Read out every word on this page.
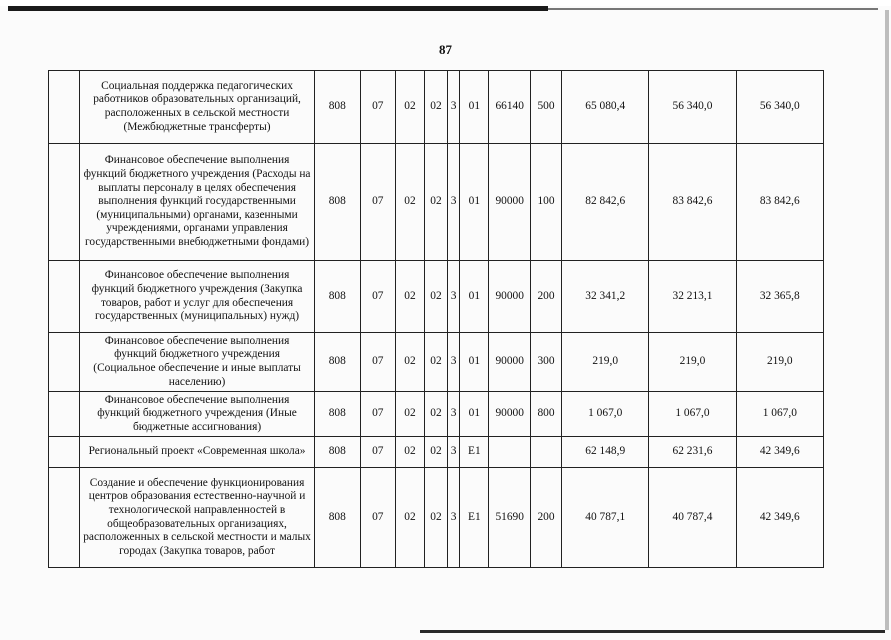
87
	Социальная поддержка педагогических работников образовательных организаций, расположенных в сельской местности (Межбюджетные трансферты)	808	07	02	02	3	01	66140	500	65 080,4	56 340,0	56 340,0
	Финансовое обеспечение выполнения функций бюджетного учреждения (Расходы на выплаты персоналу в целях обеспечения выполнения функций государственными (муниципальными) органами, казенными учреждениями, органами управления государственными внебюджетными фондами)	808	07	02	02	3	01	90000	100	82 842,6	83 842,6	83 842,6
	Финансовое обеспечение выполнения функций бюджетного учреждения (Закупка товаров, работ и услуг для обеспечения государственных (муниципальных) нужд)	808	07	02	02	3	01	90000	200	32 341,2	32 213,1	32 365,8
	Финансовое обеспечение выполнения функций бюджетного учреждения (Социальное обеспечение и иные выплаты населению)	808	07	02	02	3	01	90000	300	219,0	219,0	219,0
	Финансовое обеспечение выполнения функций бюджетного учреждения (Иные бюджетные ассигнования)	808	07	02	02	3	01	90000	800	1 067,0	1 067,0	1 067,0
	Региональный проект «Современная школа»	808	07	02	02	3	E1			62 148,9	62 231,6	42 349,6
	Создание и обеспечение функционирования центров образования естественно-научной и технологической направленностей в общеобразовательных организациях, расположенных в сельской местности и малых городах (Закупка товаров, работ	808	07	02	02	3	E1	51690	200	40 787,1	40 787,4	42 349,6
